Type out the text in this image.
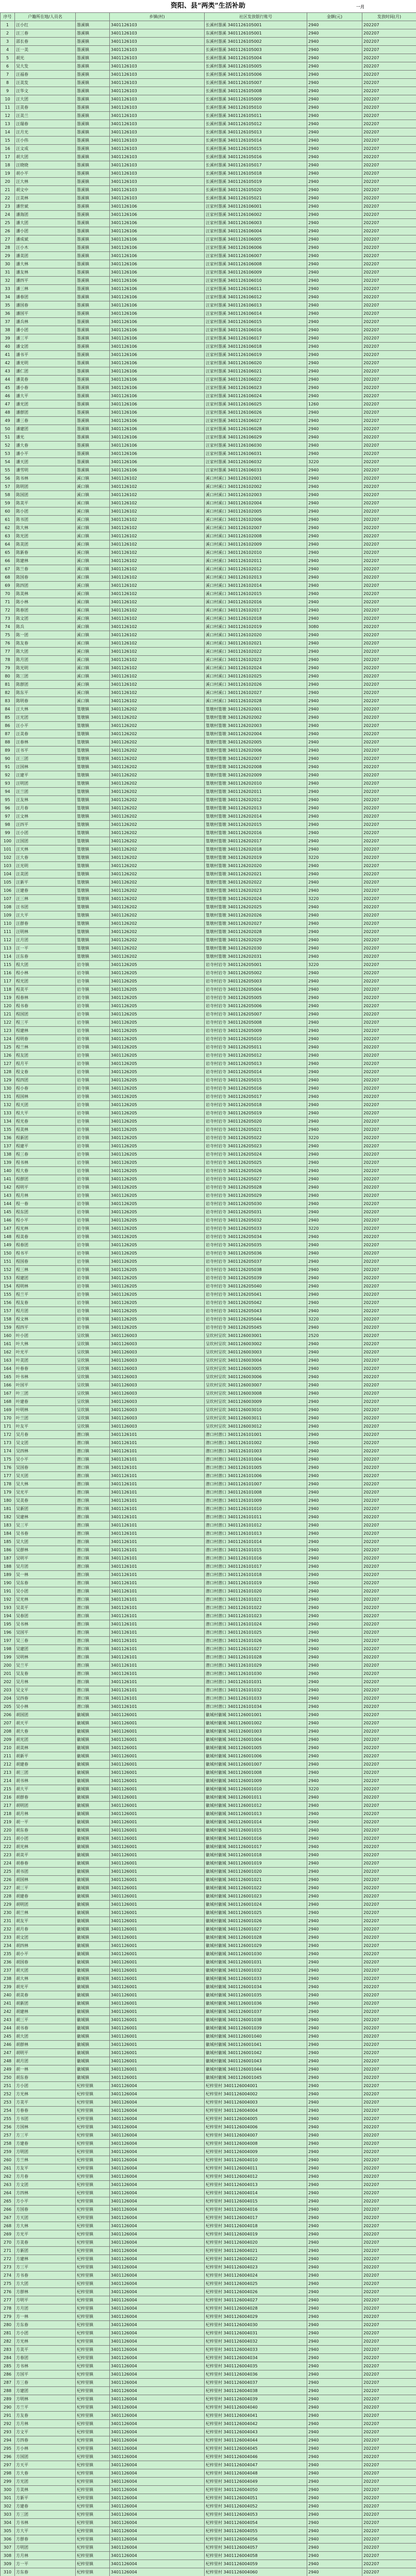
资阳、县“两类”生活补助	一月
序号	户籍所在地/人员名		乡镇(村)	社区发放银行账号	金额(元)	发放时间(月)
1	汪小红	墨溪镇	3401126103	长溪村墨溪 3401126105001	2940	202207
2	汪三春	墨溪镇	3401126103	东溪村墨溪 3401126105001	2940	202207
3	邵长春	墨溪镇	3401126103	东溪村墨溪 3401126105002	2940	202207
4	汪一美	墨溪镇	3401126103	长溪村墨溪 3401126105003	2940	202207
5	胡光	墨溪镇	3401126103	长溪村墨溪 3401126105004	2940	202207
6	吴大发	墨溪镇	3401126103	长溪村墨溪 3401126105005	2940	202207
7	汪福春	墨溪镇	3401126103	长溪村墨溪 3401126105006	2940	202207
8	汪美发	墨溪镇	3401126103	长溪村墨溪 3401126105007	2940	202207
9	汪华文	墨溪镇	3401126103	长溪村墨溪 3401126105008	2940	202207
10	汪大团	墨溪镇	3401126103	长溪村墨溪 3401126105009	2940	202207
11	汪美春	墨溪镇	3401126103	长溪村墨溪 3401126105010	2940	202207
12	汪美兰	墨溪镇	3401126103	长溪村墨溪 3401126105011	2940	202207
13	汪瑞春	墨溪镇	3401126103	长溪村墨溪 3401126105012	2940	202207
14	汪月光	墨溪镇	3401126103	长溪村墨溪 3401126105013	2940	202207
15	汪小伟	墨溪镇	3401126103	长溪村墨溪 3401126105014	2940	202207
16	汪文成	墨溪镇	3401126103	长溪村墨溪 3401126105015	2940	202207
17	胡大团	墨溪镇	3401126103	长溪村墨溪 3401126105016	2940	202207
18	汪晓晓	墨溪镇	3401126103	长溪村墨溪 3401126105017	2940	202207
19	胡小平	墨溪镇	3401126103	长溪村墨溪 3401126105018	2940	202207
20	汪大林	墨溪镇	3401126103	长溪村墨溪 3401126105019	2940	202207
21	胡文中	墨溪镇	3401126103	长溪村墨溪 3401126105020	2940	202207
22	汪美林	墨溪镇	3401126103	长溪村墨溪 3401126105021	2940	202207
23	潘世斌	墨溪镇	3401126106	汪家村墨溪 3401126106001	2940	202207
24	潘海团	墨溪镇	3401126106	汪家村墨溪 3401126106002	2940	202207
25	潘大团	墨溪镇	3401126106	汪家村墨溪 3401126106003	2940	202207
26	潘小团	墨溪镇	3401126106	汪家村墨溪 3401126106004	2940	202207
27	潘成斌	墨溪镇	3401126106	汪家村墨溪 3401126106005	2940	202207
28	汪小木	墨溪镇	3401126106	汪家村墨溪 3401126106006	2940	202207
29	潘美团	墨溪镇	3401126106	汪家村墨溪 3401126106007	2940	202207
30	潘大林	墨溪镇	3401126106	汪家村墨溪 3401126106008	2940	202207
31	潘友林	墨溪镇	3401126106	汪家村墨溪 3401126106009	2940	202207
32	潘四平	墨溪镇	3401126106	汪家村墨溪 3401126106010	2940	202207
33	潘三林	墨溪镇	3401126106	汪家村墨溪 3401126106011	2940	202207
34	潘春团	墨溪镇	3401126106	汪家村墨溪 3401126106012	2940	202207
35	潘国春	墨溪镇	3401126106	汪家村墨溪 3401126106013	2940	202207
36	潘国平	墨溪镇	3401126106	汪家村墨溪 3401126106014	2940	202207
37	潘兵林	墨溪镇	3401126106	汪家村墨溪 3401126106015	2940	202207
38	潘小团	墨溪镇	3401126106	汪家村墨溪 3401126106016	2940	202207
39	潘三平	墨溪镇	3401126106	汪家村墨溪 3401126106017	2940	202207
40	潘文团	墨溪镇	3401126106	汪家村墨溪 3401126106018	2940	202207
41	潘书平	墨溪镇	3401126106	汪家村墨溪 3401126106019	2940	202207
42	潘光明	墨溪镇	3401126106	汪家村墨溪 3401126106020	2940	202207
43	潘仁团	墨溪镇	3401126106	汪家村墨溪 3401126106021	2940	202207
44	潘美春	墨溪镇	3401126106	汪家村墨溪 3401126106022	2940	202207
45	潘小春	墨溪镇	3401126106	汪家村墨溪 3401126106023	2940	202207
46	潘大平	墨溪镇	3401126106	汪家村墨溪 3401126106024	2940	202207
47	潘光团	墨溪镇	3401126106	汪家村墨溪 3401126106025	1260	202207
48	潘群团	墨溪镇	3401126106	汪家村墨溪 3401126106026	2940	202207
49	潘三春	墨溪镇	3401126106	汪家村墨溪 3401126106027	2940	202207
50	潘建团	墨溪镇	3401126106	汪家村墨溪 3401126106028	2940	202207
51	潘光	墨溪镇	3401126106	汪家村墨溪 3401126106029	2940	202207
52	潘大春	墨溪镇	3401126106	汪家村墨溪 3401126106030	2940	202207
53	潘小平	墨溪镇	3401126106	汪家村墨溪 3401126106031	2940	202207
54	潘天团	墨溪镇	3401126106	汪家村墨溪 3401126106032	3220	202207
55	潘雪明	墨溪镇	3401126106	汪家村墨溪 3401126106033	2940	202207
56	陈书林	溪口镇	3401126102	溪口村溪口 3401126102001	2940	202207
57	陈明团	溪口镇	3401126102	溪口村溪口 3401126102002	2940	202207
58	陈国团	溪口镇	3401126102	溪口村溪口 3401126102003	2940	202207
59	陈美平	溪口镇	3401126102	溪口村溪口 3401126102004	2940	202207
60	陈小团	溪口镇	3401126102	溪口村溪口 3401126102005	2940	202207
61	陈书团	溪口镇	3401126102	溪口村溪口 3401126102006	2940	202207
62	陈大林	溪口镇	3401126102	溪口村溪口 3401126102007	2940	202207
63	陈光团	溪口镇	3401126102	溪口村溪口 3401126102008	2940	202207
64	陈美团	溪口镇	3401126102	溪口村溪口 3401126102009	2940	202207
65	陈新春	溪口镇	3401126102	溪口村溪口 3401126102010	2940	202207
66	陈建林	溪口镇	3401126102	溪口村溪口 3401126102011	2940	202207
67	陈兰春	溪口镇	3401126102	溪口村溪口 3401126102012	2940	202207
68	陈国春	溪口镇	3401126102	溪口村溪口 3401126102013	2940	202207
69	陈四团	溪口镇	3401126102	溪口村溪口 3401126102014	2940	202207
70	陈美林	溪口镇	3401126102	溪口村溪口 3401126102015	2940	202207
71	陈小林	溪口镇	3401126102	溪口村溪口 3401126102016	2940	202207
72	陈春团	溪口镇	3401126102	溪口村溪口 3401126102017	2940	202207
73	陈文团	溪口镇	3401126102	溪口村溪口 3401126102018	2940	202207
74	陈兵	溪口镇	3401126102	溪口村溪口 3401126102019	3080	202207
75	陈一团	溪口镇	3401126102	溪口村溪口 3401126102020	2940	202207
76	陈友春	溪口镇	3401126102	溪口村溪口 3401126102021	2940	202207
77	陈大团	溪口镇	3401126102	溪口村溪口 3401126102022	2940	202207
78	陈月团	溪口镇	3401126102	溪口村溪口 3401126102023	2940	202207
79	陈光明	溪口镇	3401126102	溪口村溪口 3401126102024	2940	202207
80	陈三团	溪口镇	3401126102	溪口村溪口 3401126102025	2940	202207
81	陈群团	溪口镇	3401126102	溪口村溪口 3401126102026	2940	202207
82	陈东平	溪口镇	3401126102	溪口村溪口 3401126102027	2940	202207
83	陈明春	溪口镇	3401126102	溪口村溪口 3401126102028	2940	202207
84	汪大林	篁墩镇	3401126202	篁墩村篁墩 3401126202001	2940	202207
85	汪光团	篁墩镇	3401126202	篁墩村篁墩 3401126202002	2940	202207
86	汪小平	篁墩镇	3401126202	篁墩村篁墩 3401126202003	2940	202207
87	汪美春	篁墩镇	3401126202	篁墩村篁墩 3401126202004	2940	202207
88	汪春林	篁墩镇	3401126202	篁墩村篁墩 3401126202005	2940	202207
89	汪书平	篁墩镇	3401126202	篁墩村篁墩 3401126202006	2940	202207
90	汪三团	篁墩镇	3401126202	篁墩村篁墩 3401126202007	2940	202207
91	汪国林	篁墩镇	3401126202	篁墩村篁墩 3401126202008	2940	202207
92	汪建平	篁墩镇	3401126202	篁墩村篁墩 3401126202009	2940	202207
93	汪明团	篁墩镇	3401126202	篁墩村篁墩 3401126202010	2940	202207
94	汪兰团	篁墩镇	3401126202	篁墩村篁墩 3401126202011	2940	202207
95	汪友林	篁墩镇	3401126202	篁墩村篁墩 3401126202012	2940	202207
96	汪月春	篁墩镇	3401126202	篁墩村篁墩 3401126202013	2940	202207
97	汪文林	篁墩镇	3401126202	篁墩村篁墩 3401126202014	2940	202207
98	汪四平	篁墩镇	3401126202	篁墩村篁墩 3401126202015	2940	202207
99	汪小团	篁墩镇	3401126202	篁墩村篁墩 3401126202016	2940	202207
100	汪国团	篁墩镇	3401126202	篁墩村篁墩 3401126202017	2940	202207
101	汪天林	篁墩镇	3401126202	篁墩村篁墩 3401126202018	2940	202207
102	汪大春	篁墩镇	3401126202	篁墩村篁墩 3401126202019	3220	202207
103	汪光明	篁墩镇	3401126202	篁墩村篁墩 3401126202020	2940	202207
104	汪美团	篁墩镇	3401126202	篁墩村篁墩 3401126202021	2940	202207
105	汪新平	篁墩镇	3401126202	篁墩村篁墩 3401126202022	2940	202207
106	汪建春	篁墩镇	3401126202	篁墩村篁墩 3401126202023	2940	202207
107	汪三林	篁墩镇	3401126202	篁墩村篁墩 3401126202024	3220	202207
108	汪书团	篁墩镇	3401126202	篁墩村篁墩 3401126202025	2940	202207
109	汪大平	篁墩镇	3401126202	篁墩村篁墩 3401126202026	2940	202207
110	汪群春	篁墩镇	3401126202	篁墩村篁墩 3401126202027	2940	202207
111	汪明林	篁墩镇	3401126202	篁墩村篁墩 3401126202028	2940	202207
112	汪月团	篁墩镇	3401126202	篁墩村篁墩 3401126202029	2940	202207
113	汪一平	篁墩镇	3401126202	篁墩村篁墩 3401126202030	2940	202207
114	汪东春	篁墩镇	3401126202	篁墩村篁墩 3401126202031	2940	202207
115	程大团	岩寺镇	3401126205	岩寺村岩寺 3401126205001	3220	202207
116	程小林	岩寺镇	3401126205	岩寺村岩寺 3401126205002	2940	202207
117	程光团	岩寺镇	3401126205	岩寺村岩寺 3401126205003	2940	202207
118	程美平	岩寺镇	3401126205	岩寺村岩寺 3401126205004	2940	202207
119	程春林	岩寺镇	3401126205	岩寺村岩寺 3401126205005	2940	202207
120	程书春	岩寺镇	3401126205	岩寺村岩寺 3401126205006	2940	202207
121	程国团	岩寺镇	3401126205	岩寺村岩寺 3401126205007	2940	202207
122	程三平	岩寺镇	3401126205	岩寺村岩寺 3401126205008	2940	202207
123	程建林	岩寺镇	3401126205	岩寺村岩寺 3401126205009	2940	202207
124	程明春	岩寺镇	3401126205	岩寺村岩寺 3401126205010	2940	202207
125	程兰林	岩寺镇	3401126205	岩寺村岩寺 3401126205011	2940	202207
126	程友团	岩寺镇	3401126205	岩寺村岩寺 3401126205012	2940	202207
127	程月平	岩寺镇	3401126205	岩寺村岩寺 3401126205013	2940	202207
128	程文春	岩寺镇	3401126205	岩寺村岩寺 3401126205014	2940	202207
129	程四团	岩寺镇	3401126205	岩寺村岩寺 3401126205015	2940	202207
130	程小春	岩寺镇	3401126205	岩寺村岩寺 3401126205016	2940	202207
131	程国林	岩寺镇	3401126205	岩寺村岩寺 3401126205017	2940	202207
132	程天团	岩寺镇	3401126205	岩寺村岩寺 3401126205018	2940	202207
133	程大平	岩寺镇	3401126205	岩寺村岩寺 3401126205019	2940	202207
134	程光春	岩寺镇	3401126205	岩寺村岩寺 3401126205020	2940	202207
135	程美林	岩寺镇	3401126205	岩寺村岩寺 3401126205021	2940	202207
136	程新团	岩寺镇	3401126205	岩寺村岩寺 3401126205022	3220	202207
137	程建平	岩寺镇	3401126205	岩寺村岩寺 3401126205023	2940	202207
138	程三春	岩寺镇	3401126205	岩寺村岩寺 3401126205024	2940	202207
139	程书林	岩寺镇	3401126205	岩寺村岩寺 3401126205025	2940	202207
140	程大春	岩寺镇	3401126205	岩寺村岩寺 3401126205026	2940	202207
141	程群团	岩寺镇	3401126205	岩寺村岩寺 3401126205027	2940	202207
142	程明平	岩寺镇	3401126205	岩寺村岩寺 3401126205028	2940	202207
143	程月林	岩寺镇	3401126205	岩寺村岩寺 3401126205029	2940	202207
144	程一春	岩寺镇	3401126205	岩寺村岩寺 3401126205030	2940	202207
145	程东团	岩寺镇	3401126205	岩寺村岩寺 3401126205031	2940	202207
146	程小平	岩寺镇	3401126205	岩寺村岩寺 3401126205032	2940	202207
147	程光林	岩寺镇	3401126205	岩寺村岩寺 3401126205033	3220	202207
148	程美春	岩寺镇	3401126205	岩寺村岩寺 3401126205034	2940	202207
149	程春团	岩寺镇	3401126205	岩寺村岩寺 3401126205035	2940	202207
150	程书平	岩寺镇	3401126205	岩寺村岩寺 3401126205036	2940	202207
151	程国春	岩寺镇	3401126205	岩寺村岩寺 3401126205037	2940	202207
152	程三林	岩寺镇	3401126205	岩寺村岩寺 3401126205038	2940	202207
153	程建团	岩寺镇	3401126205	岩寺村岩寺 3401126205039	2940	202207
154	程明林	岩寺镇	3401126205	岩寺村岩寺 3401126205040	2940	202207
155	程兰平	岩寺镇	3401126205	岩寺村岩寺 3401126205041	2940	202207
156	程友春	岩寺镇	3401126205	岩寺村岩寺 3401126205042	2940	202207
157	程月团	岩寺镇	3401126205	岩寺村岩寺 3401126205043	2940	202207
158	程文林	岩寺镇	3401126205	岩寺村岩寺 3401126205044	3220	202207
159	程四平	岩寺镇	3401126205	岩寺村岩寺 3401126205045	2940	202207
160	叶小团	呈坎镇	3401126003	呈坎村呈坎 3401126003001	2520	202207
161	叶大林	呈坎镇	3401126003	呈坎村呈坎 3401126003002	2940	202207
162	叶光平	呈坎镇	3401126003	呈坎村呈坎 3401126003003	2940	202207
163	叶美团	呈坎镇	3401126003	呈坎村呈坎 3401126003004	2940	202207
164	叶春春	呈坎镇	3401126003	呈坎村呈坎 3401126003005	2940	202207
165	叶书林	呈坎镇	3401126003	呈坎村呈坎 3401126003006	2940	202207
166	叶国平	呈坎镇	3401126003	呈坎村呈坎 3401126003007	2940	202207
167	叶三团	呈坎镇	3401126003	呈坎村呈坎 3401126003008	2940	202207
168	叶建春	呈坎镇	3401126003	呈坎村呈坎 3401126003009	2940	202207
169	叶明林	呈坎镇	3401126003	呈坎村呈坎 3401126003010	2940	202207
170	叶兰团	呈坎镇	3401126003	呈坎村呈坎 3401126003011	2940	202207
171	叶友平	呈坎镇	3401126003	呈坎村呈坎 3401126003012	2940	202207
172	吴月春	潜口镇	3401126101	潜口村潜口 3401126101001	2940	202207
173	吴文团	潜口镇	3401126101	潜口村潜口 3401126101002	2940	202207
174	吴四林	潜口镇	3401126101	潜口村潜口 3401126101003	2940	202207
175	吴小平	潜口镇	3401126101	潜口村潜口 3401126101004	2940	202207
176	吴国春	潜口镇	3401126101	潜口村潜口 3401126101005	2940	202207
177	吴天团	潜口镇	3401126101	潜口村潜口 3401126101006	2940	202207
178	吴大林	潜口镇	3401126101	潜口村潜口 3401126101007	2940	202207
179	吴光平	潜口镇	3401126101	潜口村潜口 3401126101008	2940	202207
180	吴美春	潜口镇	3401126101	潜口村潜口 3401126101009	2940	202207
181	吴新团	潜口镇	3401126101	潜口村潜口 3401126101010	2940	202207
182	吴建林	潜口镇	3401126101	潜口村潜口 3401126101011	2940	202207
183	吴三平	潜口镇	3401126101	潜口村潜口 3401126101012	2940	202207
184	吴书春	潜口镇	3401126101	潜口村潜口 3401126101013	2940	202207
185	吴大团	潜口镇	3401126101	潜口村潜口 3401126101014	2940	202207
186	吴群林	潜口镇	3401126101	潜口村潜口 3401126101015	2940	202207
187	吴明平	潜口镇	3401126101	潜口村潜口 3401126101016	2940	202207
188	吴月团	潜口镇	3401126101	潜口村潜口 3401126101017	2940	202207
189	吴一林	潜口镇	3401126101	潜口村潜口 3401126101018	2940	202207
190	吴东春	潜口镇	3401126101	潜口村潜口 3401126101019	2940	202207
191	吴小团	潜口镇	3401126101	潜口村潜口 3401126101020	2940	202207
192	吴光林	潜口镇	3401126101	潜口村潜口 3401126101021	2940	202207
193	吴美平	潜口镇	3401126101	潜口村潜口 3401126101022	2940	202207
194	吴春团	潜口镇	3401126101	潜口村潜口 3401126101023	2940	202207
195	吴书林	潜口镇	3401126101	潜口村潜口 3401126101024	2940	202207
196	吴国平	潜口镇	3401126101	潜口村潜口 3401126101025	2940	202207
197	吴三春	潜口镇	3401126101	潜口村潜口 3401126101026	2940	202207
198	吴建团	潜口镇	3401126101	潜口村潜口 3401126101027	2940	202207
199	吴明林	潜口镇	3401126101	潜口村潜口 3401126101028	2940	202207
200	吴兰平	潜口镇	3401126101	潜口村潜口 3401126101029	2940	202207
201	吴友春	潜口镇	3401126101	潜口村潜口 3401126101030	2940	202207
202	吴月林	潜口镇	3401126101	潜口村潜口 3401126101031	2940	202207
203	吴文平	潜口镇	3401126101	潜口村潜口 3401126101032	2940	202207
204	吴四春	潜口镇	3401126101	潜口村潜口 3401126101033	2940	202207
205	吴小林	潜口镇	3401126101	潜口村潜口 3401126101034	2940	202207
206	胡国团	徽城镇	3401126001	徽城村徽城 3401126001001	2940	202207
207	胡天平	徽城镇	3401126001	徽城村徽城 3401126001002	2940	202207
208	胡大春	徽城镇	3401126001	徽城村徽城 3401126001003	2940	202207
209	胡光团	徽城镇	3401126001	徽城村徽城 3401126001004	2940	202207
210	胡美林	徽城镇	3401126001	徽城村徽城 3401126001005	2940	202207
211	胡新平	徽城镇	3401126001	徽城村徽城 3401126001006	2940	202207
212	胡建春	徽城镇	3401126001	徽城村徽城 3401126001007	2940	202207
213	胡三团	徽城镇	3401126001	徽城村徽城 3401126001008	2940	202207
214	胡书林	徽城镇	3401126001	徽城村徽城 3401126001009	2940	202207
215	胡大平	徽城镇	3401126001	徽城村徽城 3401126001010	3220	202207
216	胡群春	徽城镇	3401126001	徽城村徽城 3401126001011	2940	202207
217	胡明团	徽城镇	3401126001	徽城村徽城 3401126001012	2940	202207
218	胡月林	徽城镇	3401126001	徽城村徽城 3401126001013	2940	202207
219	胡一平	徽城镇	3401126001	徽城村徽城 3401126001014	2940	202207
220	胡东春	徽城镇	3401126001	徽城村徽城 3401126001015	2940	202207
221	胡小团	徽城镇	3401126001	徽城村徽城 3401126001016	2940	202207
222	胡光林	徽城镇	3401126001	徽城村徽城 3401126001017	2940	202207
223	胡美平	徽城镇	3401126001	徽城村徽城 3401126001018	2940	202207
224	胡春春	徽城镇	3401126001	徽城村徽城 3401126001019	2940	202207
225	胡书团	徽城镇	3401126001	徽城村徽城 3401126001020	2940	202207
226	胡国林	徽城镇	3401126001	徽城村徽城 3401126001021	2940	202207
227	胡三平	徽城镇	3401126001	徽城村徽城 3401126001022	2940	202207
228	胡建春	徽城镇	3401126001	徽城村徽城 3401126001023	2940	202207
229	胡明团	徽城镇	3401126001	徽城村徽城 3401126001024	2940	202207
230	胡兰林	徽城镇	3401126001	徽城村徽城 3401126001025	2940	202207
231	胡友平	徽城镇	3401126001	徽城村徽城 3401126001026	2940	202207
232	胡月春	徽城镇	3401126001	徽城村徽城 3401126001027	2940	202207
233	胡文团	徽城镇	3401126001	徽城村徽城 3401126001028	2940	202207
234	胡四林	徽城镇	3401126001	徽城村徽城 3401126001029	2940	202207
235	胡小平	徽城镇	3401126001	徽城村徽城 3401126001030	2940	202207
236	胡国春	徽城镇	3401126001	徽城村徽城 3401126001031	2940	202207
237	胡天团	徽城镇	3401126001	徽城村徽城 3401126001032	2940	202207
238	胡大林	徽城镇	3401126001	徽城村徽城 3401126001033	2940	202207
239	胡光平	徽城镇	3401126001	徽城村徽城 3401126001034	2940	202207
240	胡美春	徽城镇	3401126001	徽城村徽城 3401126001035	2940	202207
241	胡新团	徽城镇	3401126001	徽城村徽城 3401126001036	2940	202207
242	胡建林	徽城镇	3401126001	徽城村徽城 3401126001037	2940	202207
243	胡三平	徽城镇	3401126001	徽城村徽城 3401126001038	2940	202207
244	胡书春	徽城镇	3401126001	徽城村徽城 3401126001039	2940	202207
245	胡大团	徽城镇	3401126001	徽城村徽城 3401126001040	2940	202207
246	胡群林	徽城镇	3401126001	徽城村徽城 3401126001041	2940	202207
247	胡明平	徽城镇	3401126001	徽城村徽城 3401126001042	2940	202207
248	胡月团	徽城镇	3401126001	徽城村徽城 3401126001043	2940	202207
249	胡一林	徽城镇	3401126001	徽城村徽城 3401126001044	2940	202207
250	胡东春	徽城镇	3401126001	徽城村徽城 3401126001045	2940	202207
251	方小团	杞梓里镇	3401126004	杞梓里村 3401126004001	2940	202207
252	方光林	杞梓里镇	3401126004	杞梓里村 3401126004002	2940	202207
253	方美平	杞梓里镇	3401126004	杞梓里村 3401126004003	2940	202207
254	方春春	杞梓里镇	3401126004	杞梓里村 3401126004004	2940	202207
255	方书团	杞梓里镇	3401126004	杞梓里村 3401126004005	2940	202207
256	方国林	杞梓里镇	3401126004	杞梓里村 3401126004006	2940	202207
257	方三平	杞梓里镇	3401126004	杞梓里村 3401126004007	2940	202207
258	方建春	杞梓里镇	3401126004	杞梓里村 3401126004008	2940	202207
259	方明团	杞梓里镇	3401126004	杞梓里村 3401126004009	2940	202207
260	方兰林	杞梓里镇	3401126004	杞梓里村 3401126004010	2940	202207
261	方友平	杞梓里镇	3401126004	杞梓里村 3401126004011	2940	202207
262	方月春	杞梓里镇	3401126004	杞梓里村 3401126004012	2940	202207
263	方文团	杞梓里镇	3401126004	杞梓里村 3401126004013	2940	202207
264	方四林	杞梓里镇	3401126004	杞梓里村 3401126004014	2940	202207
265	方小平	杞梓里镇	3401126004	杞梓里村 3401126004015	2940	202207
266	方国春	杞梓里镇	3401126004	杞梓里村 3401126004016	2940	202207
267	方天团	杞梓里镇	3401126004	杞梓里村 3401126004017	2940	202207
268	方大林	杞梓里镇	3401126004	杞梓里村 3401126004018	2940	202207
269	方光平	杞梓里镇	3401126004	杞梓里村 3401126004019	2940	202207
270	方美春	杞梓里镇	3401126004	杞梓里村 3401126004020	2940	202207
271	方新团	杞梓里镇	3401126004	杞梓里村 3401126004021	2940	202207
272	方建林	杞梓里镇	3401126004	杞梓里村 3401126004022	2940	202207
273	方三平	杞梓里镇	3401126004	杞梓里村 3401126004023	2940	202207
274	方书春	杞梓里镇	3401126004	杞梓里村 3401126004024	2940	202207
275	方大团	杞梓里镇	3401126004	杞梓里村 3401126004025	2940	202207
276	方群林	杞梓里镇	3401126004	杞梓里村 3401126004026	2940	202207
277	方明平	杞梓里镇	3401126004	杞梓里村 3401126004027	2940	202207
278	方月团	杞梓里镇	3401126004	杞梓里村 3401126004028	2940	202207
279	方一林	杞梓里镇	3401126004	杞梓里村 3401126004029	2940	202207
280	方东春	杞梓里镇	3401126004	杞梓里村 3401126004030	2940	202207
281	方小团	杞梓里镇	3401126004	杞梓里村 3401126004031	2940	202207
282	方光林	杞梓里镇	3401126004	杞梓里村 3401126004032	2940	202207
283	方美平	杞梓里镇	3401126004	杞梓里村 3401126004033	2940	202207
284	方春团	杞梓里镇	3401126004	杞梓里村 3401126004034	2940	202207
285	方书林	杞梓里镇	3401126004	杞梓里村 3401126004035	2940	202207
286	方国平	杞梓里镇	3401126004	杞梓里村 3401126004036	2940	202207
287	方三春	杞梓里镇	3401126004	杞梓里村 3401126004037	2940	202207
288	方建团	杞梓里镇	3401126004	杞梓里村 3401126004038	2940	202207
289	方明林	杞梓里镇	3401126004	杞梓里村 3401126004039	2940	202207
290	方兰平	杞梓里镇	3401126004	杞梓里村 3401126004040	2940	202207
291	方友春	杞梓里镇	3401126004	杞梓里村 3401126004041	2940	202207
292	方月林	杞梓里镇	3401126004	杞梓里村 3401126004042	2940	202207
293	方文平	杞梓里镇	3401126004	杞梓里村 3401126004043	2940	202207
294	方四春	杞梓里镇	3401126004	杞梓里村 3401126004044	2940	202207
295	方小林	杞梓里镇	3401126004	杞梓里村 3401126004045	2940	202207
296	方国团	杞梓里镇	3401126004	杞梓里村 3401126004046	2940	202207
297	方天平	杞梓里镇	3401126004	杞梓里村 3401126004047	2940	202207
298	方大春	杞梓里镇	3401126004	杞梓里村 3401126004048	2940	202207
299	方光团	杞梓里镇	3401126004	杞梓里村 3401126004049	2940	202207
300	方美林	杞梓里镇	3401126004	杞梓里村 3401126004050	2940	202207
301	方新平	杞梓里镇	3401126004	杞梓里村 3401126004051	2940	202207
302	方建春	杞梓里镇	3401126004	杞梓里村 3401126004052	2940	202207
303	方三团	杞梓里镇	3401126004	杞梓里村 3401126004053	2940	202207
304	方书林	杞梓里镇	3401126004	杞梓里村 3401126004054	2940	202207
305	方大平	杞梓里镇	3401126004	杞梓里村 3401126004055	2940	202207
306	方群春	杞梓里镇	3401126004	杞梓里村 3401126004056	2940	202207
307	方明团	杞梓里镇	3401126004	杞梓里村 3401126004057	2940	202207
308	方月林	杞梓里镇	3401126004	杞梓里村 3401126004058	2940	202207
309	方一平	杞梓里镇	3401126004	杞梓里村 3401126004059	2940	202207
310	方东春	杞梓里镇	3401126004	杞梓里村 3401126004060	2940	202207
